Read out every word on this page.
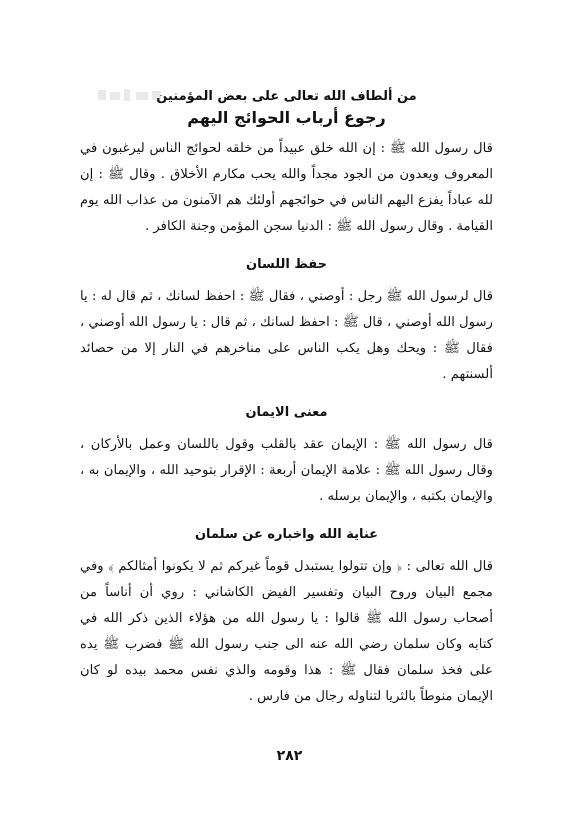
من ألطاف الله تعالى على بعض المؤمنين
رجوع أرباب الحوائج اليهم

قال رسول الله ﷺ : إن الله خلق عبيداً من خلقه لحوائج الناس ليرغبون في المعروف ويعدون من الجود مجداً والله يحب مكارم الأخلاق . وقال ﷺ : إن لله عباداً يفزع اليهم الناس في حوائجهم أولئك هم الآمنون من عذاب الله يوم القيامة . وقال رسول الله ﷺ : الدنيا سجن المؤمن وجنة الكافر .

حفظ اللسان

قال لرسول الله ﷺ رجل : أوصني ، فقال ﷺ : احفظ لسانك ، ثم قال له : يا رسول الله أوصني ، قال ﷺ : احفظ لسانك ، ثم قال : يا رسول الله أوصني ، فقال ﷺ : ويحك وهل يكب الناس على مناخرهم في النار إلا من حصائد ألسنتهم .

معنى الايمان

قال رسول الله ﷺ : الإيمان عقد بالقلب وقول باللسان وعمل بالأركان ، وقال رسول الله ﷺ : علامة الإيمان أربعة : الإقرار بتوحيد الله ، والإيمان به ، والإيمان بكتبه ، والإيمان برسله .

عناية الله واخباره عن سلمان

قال الله تعالى : ﴿ وإن تتولوا يستبدل قوماً غيركم ثم لا يكونوا أمثالكم ﴾ وفي مجمع البيان وروح البيان وتفسير الفيض الكاشاني : روي أن أناساً من أصحاب رسول الله ﷺ قالوا : يا رسول الله من هؤلاء الذين ذكر الله في كتابه وكان سلمان رضي الله عنه الى جنب رسول الله ﷺ فضرب ﷺ يده على فخذ سلمان فقال ﷺ : هذا وقومه والذي نفس محمد بيده لو كان الإيمان منوطاً بالثريا لتناوله رجال من فارس .

٢٨٢
